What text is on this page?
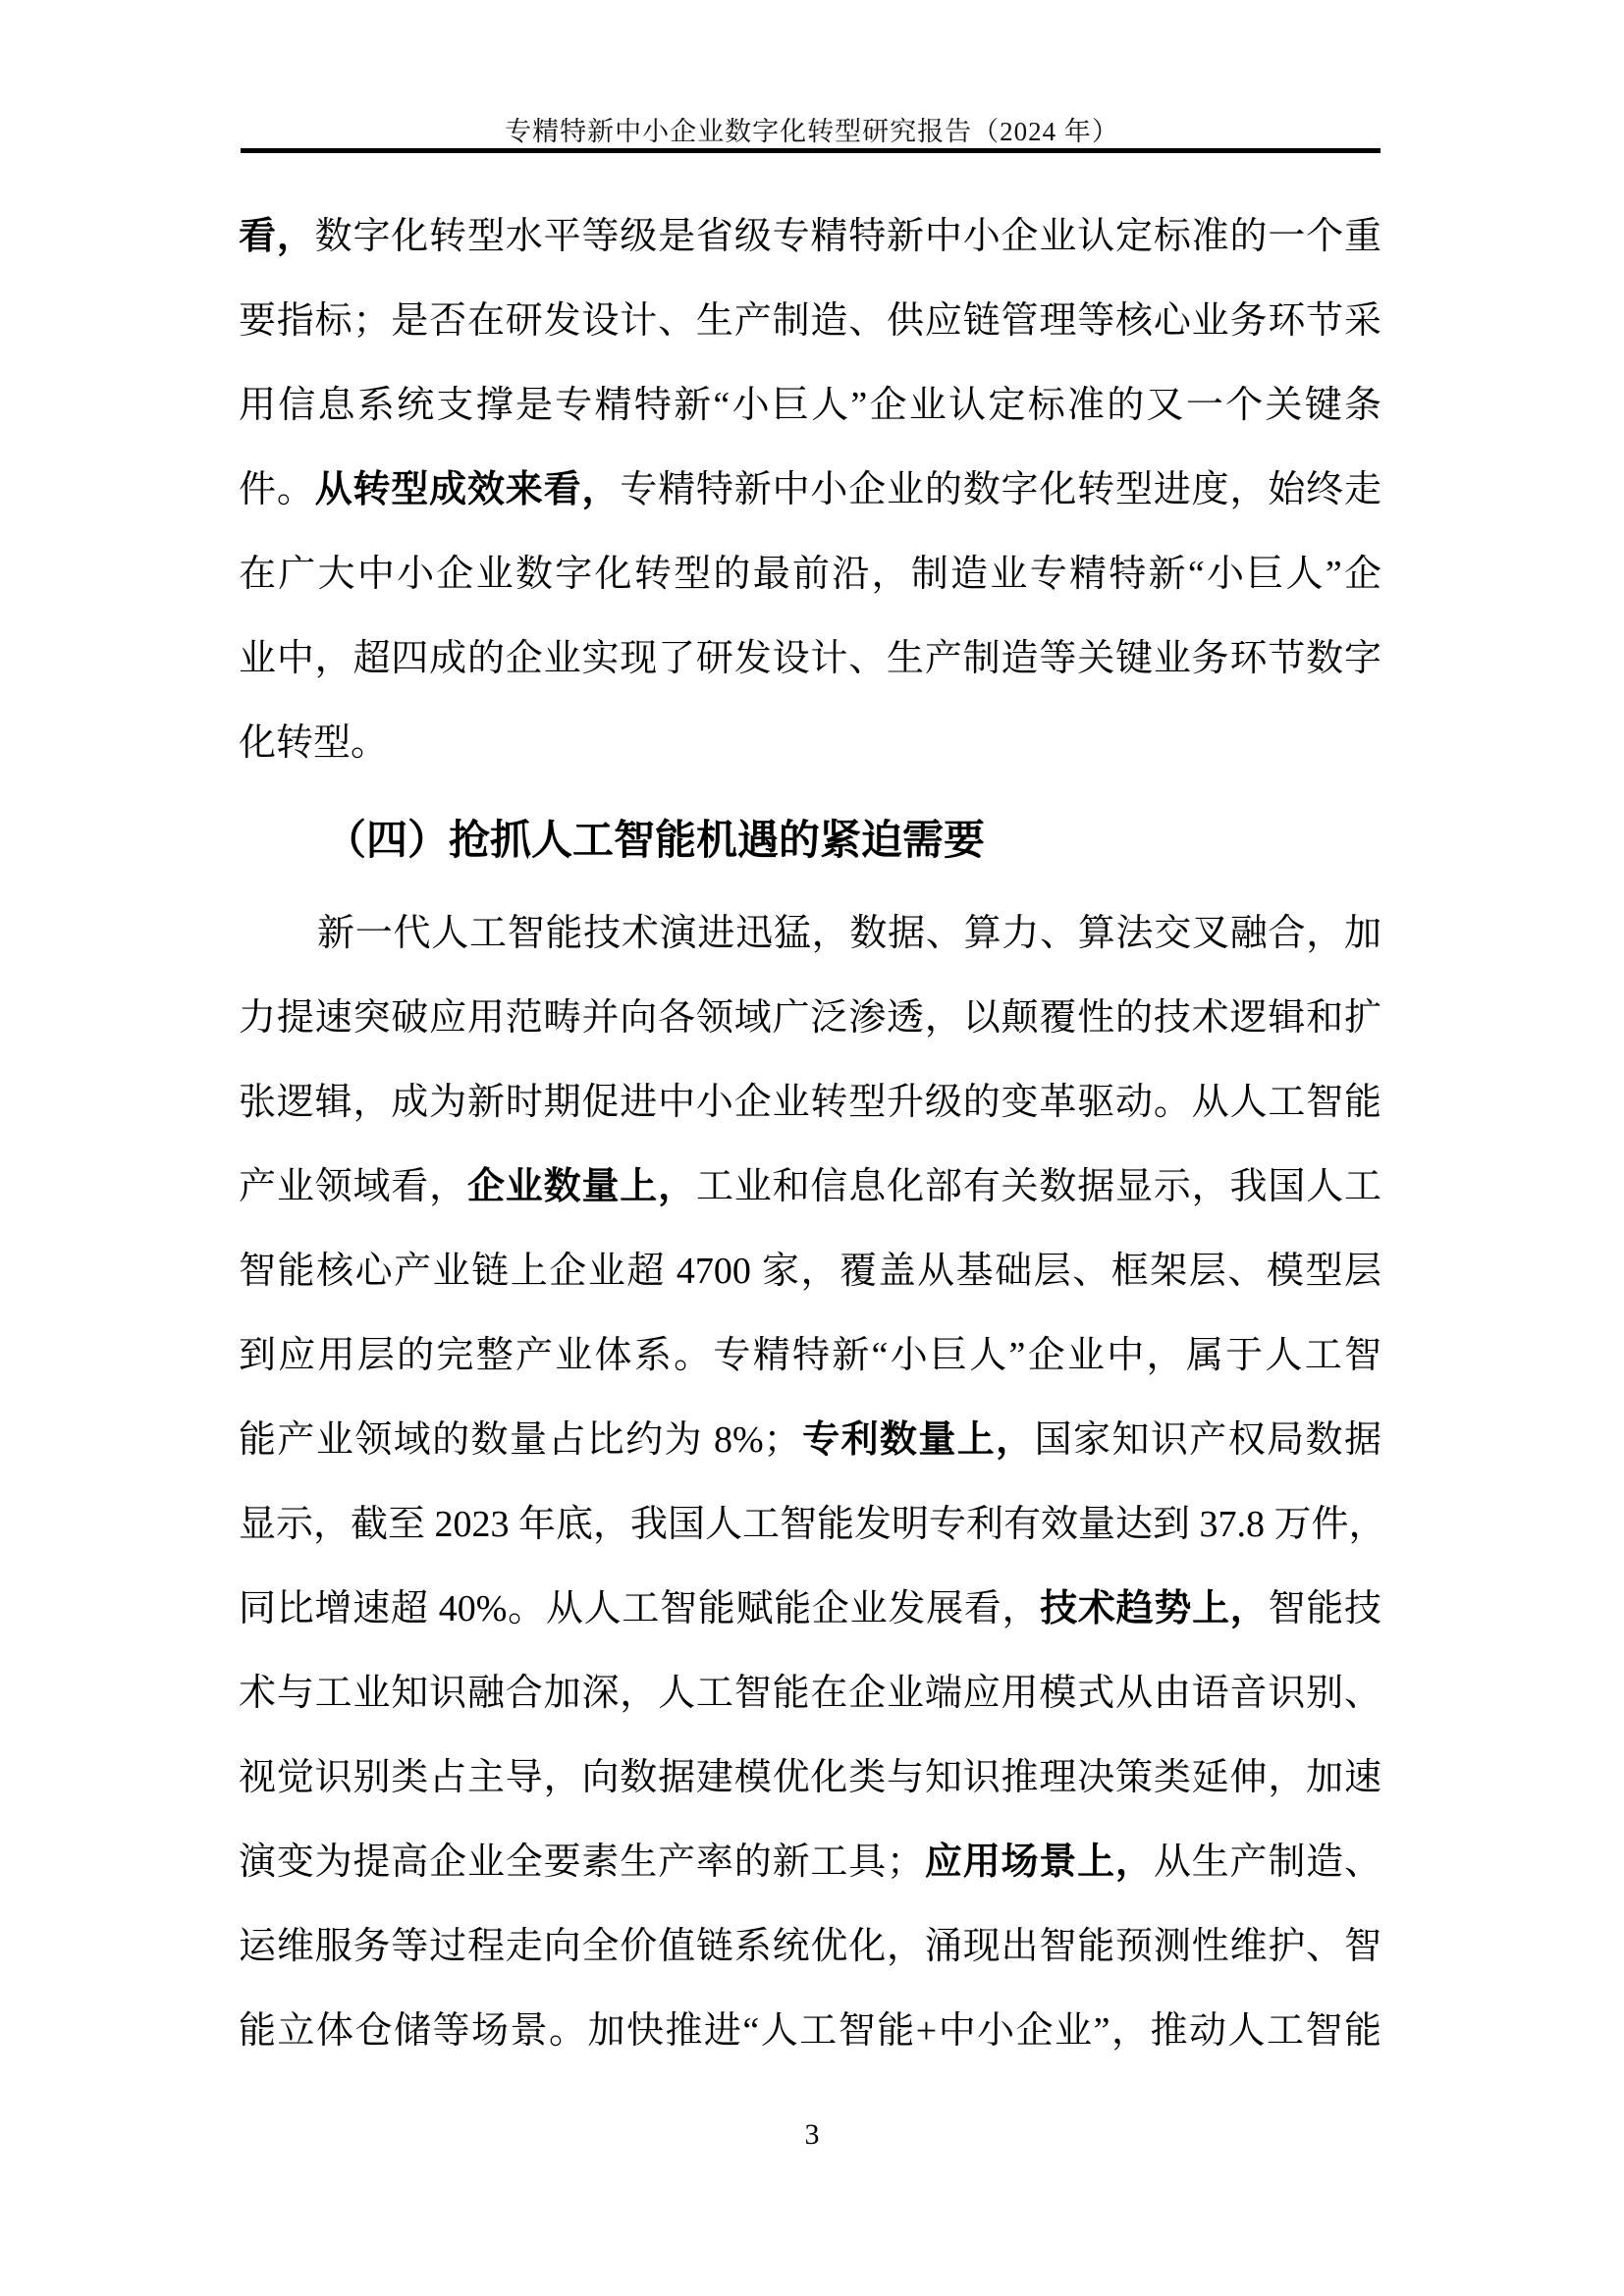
专精特新中小企业数字化转型研究报告（2024 年）
看，数字化转型水平等级是省级专精特新中小企业认定标准的一个重
要指标；是否在研发设计、生产制造、供应链管理等核心业务环节采
用信息系统支撑是专精特新“小巨人”企业认定标准的又一个关键条
件。从转型成效来看，专精特新中小企业的数字化转型进度，始终走
在广大中小企业数字化转型的最前沿，制造业专精特新“小巨人”企
业中，超四成的企业实现了研发设计、生产制造等关键业务环节数字
化转型。
（四）抢抓人工智能机遇的紧迫需要
新一代人工智能技术演进迅猛，数据、算力、算法交叉融合，加
力提速突破应用范畴并向各领域广泛渗透，以颠覆性的技术逻辑和扩
张逻辑，成为新时期促进中小企业转型升级的变革驱动。从人工智能
产业领域看，企业数量上，工业和信息化部有关数据显示，我国人工
智能核心产业链上企业超 4700 家，覆盖从基础层、框架层、模型层
到应用层的完整产业体系。专精特新“小巨人”企业中，属于人工智
能产业领域的数量占比约为 8%；专利数量上，国家知识产权局数据
显示，截至 2023 年底，我国人工智能发明专利有效量达到 37.8 万件，
同比增速超 40%。从人工智能赋能企业发展看，技术趋势上，智能技
术与工业知识融合加深，人工智能在企业端应用模式从由语音识别、
视觉识别类占主导，向数据建模优化类与知识推理决策类延伸，加速
演变为提高企业全要素生产率的新工具；应用场景上，从生产制造、
运维服务等过程走向全价值链系统优化，涌现出智能预测性维护、智
能立体仓储等场景。加快推进“人工智能+中小企业”，推动人工智能
3
